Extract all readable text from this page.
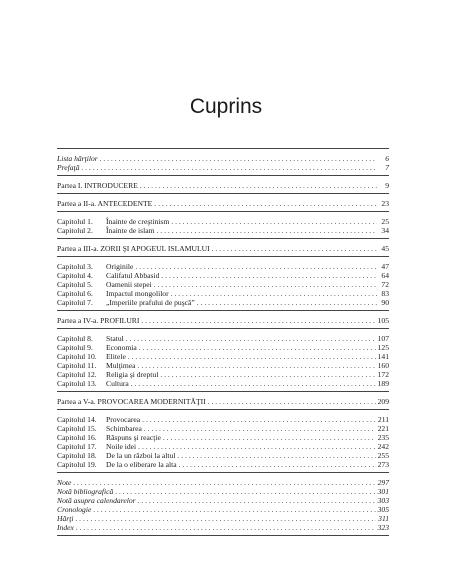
Cuprins
Lista hărţilor . . .	6
Prefaţă . . .	7
Partea I. INTRODUCERE . . .	9
Partea a II-a. ANTECEDENTE . . .	23
Capitolul 1.	Înainte de creştinism . . .	25
Capitolul 2.	Înainte de islam . . .	34
Partea a III-a. ZORII ŞI APOGEUL ISLAMULUI . . .	45
Capitolul 3.	Originile . . .	47
Capitolul 4.	Califatul Abbasid . . .	64
Capitolul 5.	Oamenii stepei . . .	72
Capitolul 6.	Impactul mongolilor . . .	83
Capitolul 7.	„Imperiile prafului de puşcă” . . .	90
Partea a IV-a. PROFILURI . . .	105
Capitolul 8.	Statul . . .	107
Capitolul 9.	Economia . . .	125
Capitolul 10.	Elitele . . .	141
Capitolul 11.	Mulţimea . . .	160
Capitolul 12.	Religia şi dreptul . . .	172
Capitolul 13.	Cultura . . .	189
Partea a V-a. PROVOCAREA MODERNITĂŢII . . .	209
Capitolul 14.	Provocarea . . .	211
Capitolul 15.	Schimbarea . . .	221
Capitolul 16.	Răspuns şi reacţie . . .	235
Capitolul 17.	Noile idei . . .	242
Capitolul 18.	De la un război la altul . . .	255
Capitolul 19.	De la o eliberare la alta . . .	273
Note . . .	297
Notă bibliografică . . .	301
Notă asupra calendarelor . . .	303
Cronologie . . .	305
Hărţi . . .	311
Index . . .	323
